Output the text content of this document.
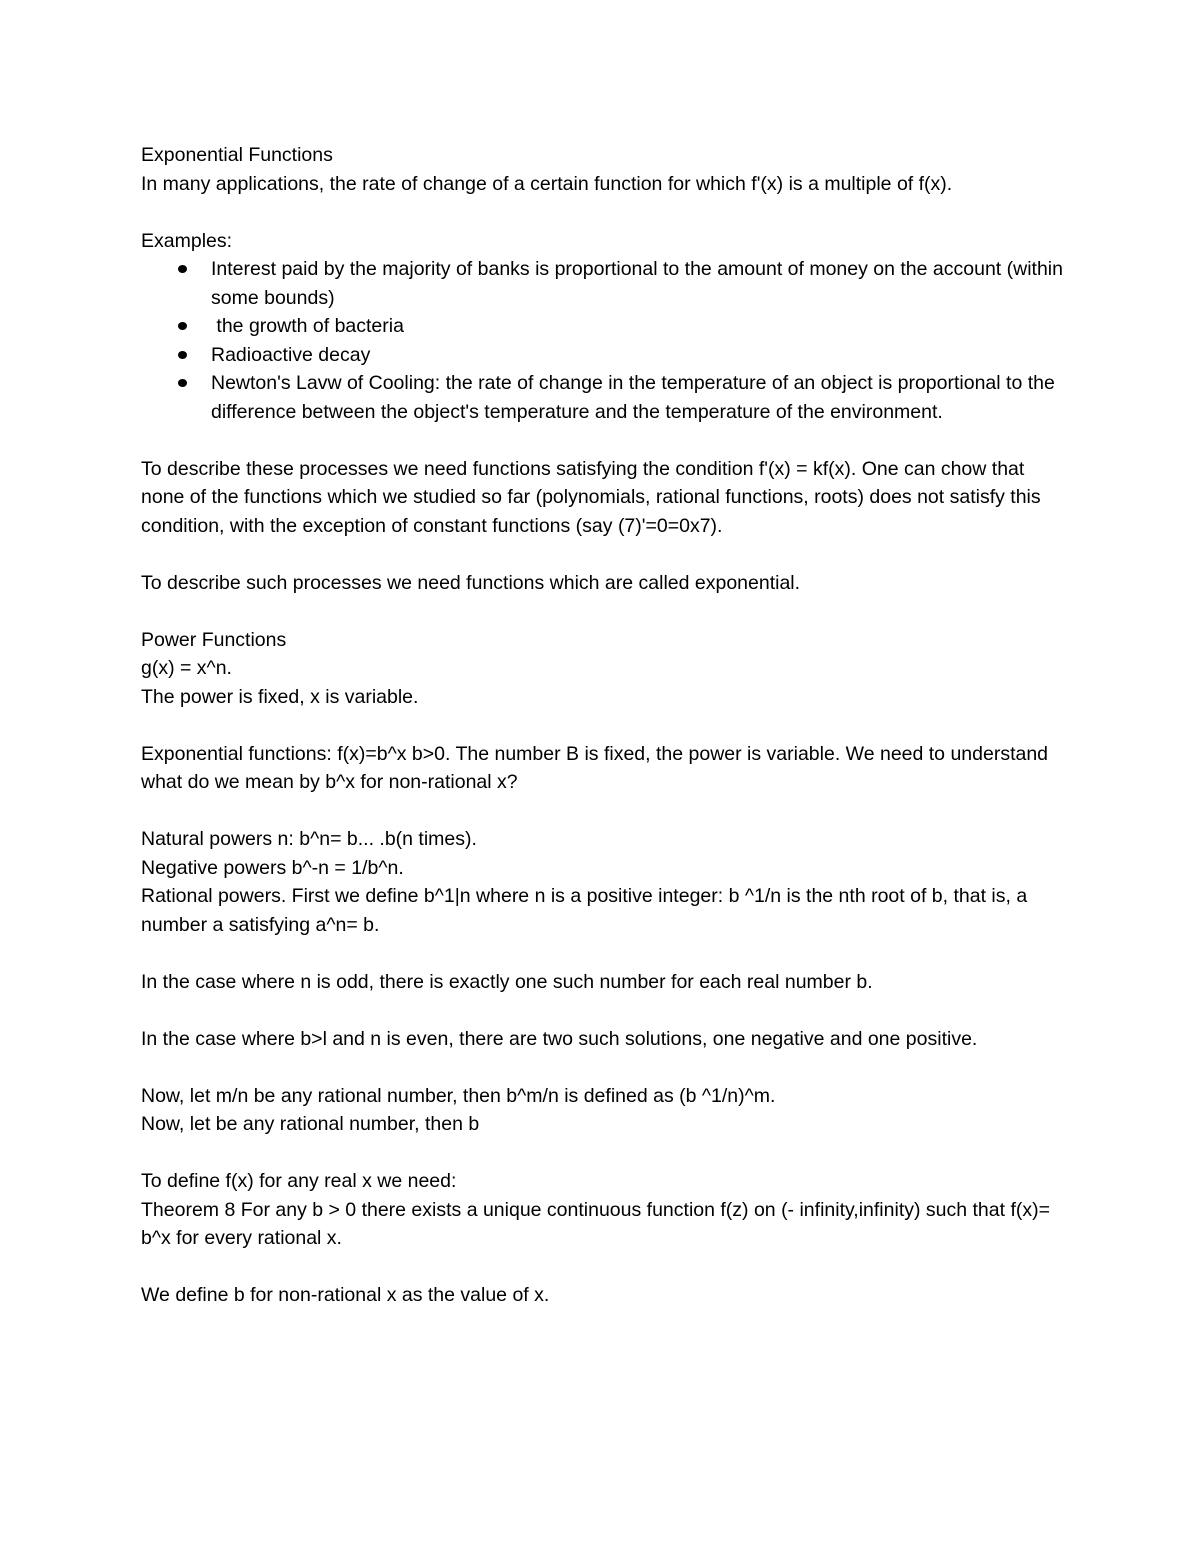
Exponential Functions

In many applications, the rate of change of a certain function for which f'(x) is a multiple of f(x).

Examples:

Interest paid by the majority of banks is proportional to the amount of money on the account (within some bounds)
the growth of bacteria
Radioactive decay
Newton's Lavw of Cooling: the rate of change in the temperature of an object is proportional to the difference between the object's temperature and the temperature of the environment.

To describe these processes we need functions satisfying the condition f'(x) = kf(x). One can chow that none of the functions which we studied so far (polynomials, rational functions, roots) does not satisfy this condition, with the exception of constant functions (say (7)'=0=0x7).

To describe such processes we need functions which are called exponential.

Power Functions

g(x) = x^n.

The power is fixed, x is variable.

Exponential functions: f(x)=b^x b>0. The number B is fixed, the power is variable. We need to understand what do we mean by b^x for non-rational x?

Natural powers n: b^n= b... .b(n times).

Negative powers b^-n = 1/b^n.

Rational powers. First we define b^1|n where n is a positive integer: b ^1/n is the nth root of b, that is, a

number a satisfying a^n= b.

In the case where n is odd, there is exactly one such number for each real number b.

In the case where b>l and n is even, there are two such solutions, one negative and one positive.

Now, let m/n be any rational number, then b^m/n is defined as (b ^1/n)^m.

Now, let be any rational number, then b

To define f(x) for any real x we need:

Theorem 8 For any b > 0 there exists a unique continuous function f(z) on (- infinity,infinity) such that f(x)= b^x for every rational x.

We define b for non-rational x as the value of x.
